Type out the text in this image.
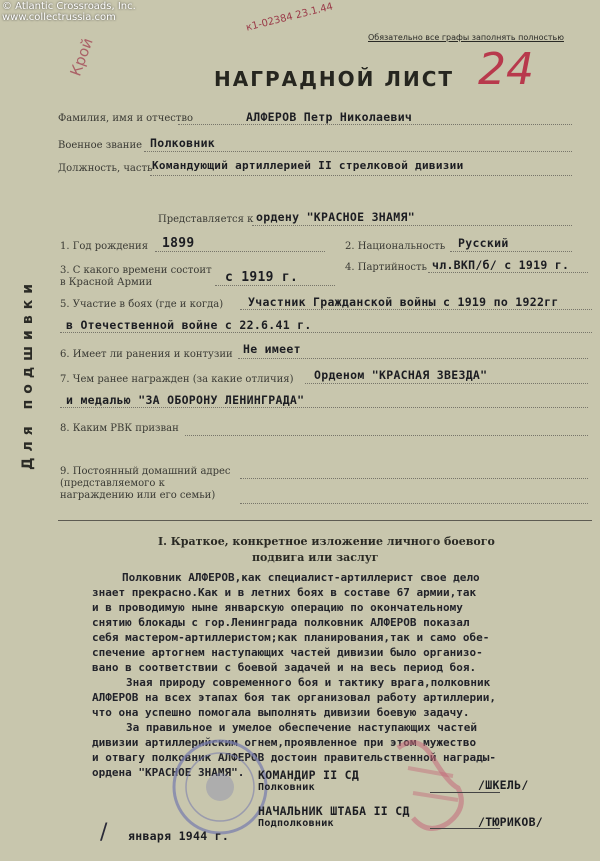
© Atlantic Crossroads, Inc.
www.collectrussia.com	к1-02384 23.1.44
Обязательно все графы заполнять полностью
Крой
НАГРАДНОЙ ЛИСТ 24
Для подшивки
Фамилия, имя и отчество	АЛФЕРОВ Петр Николаевич
Военное звание Полковник
Должность, часть Командующий артиллерией II стрелковой дивизии
Представляется к ордену "КРАСНОЕ ЗНАМЯ"
1. Год рождения 1899	2. Национальность Русский
3. С какого времени состоит в Красной Армии	с 1919 г.
4. Партийность чл.ВКП/б/ с 1919 г.
5. Участие в боях (где и когда) Участник Гражданской войны с 1919 по 1922гг
в Отечественной войне с 22.6.41 г.
6. Имеет ли ранения и контузии Не имеет
7. Чем ранее награжден (за какие отличия) Орденом "КРАСНАЯ ЗВЕЗДА"
и медалью "ЗА ОБОРОНУ ЛЕНИНГРАДА"
8. Каким РВК призван
9. Постоянный домашний адрес (представляемого к награждению или его семьи)
I. Краткое, конкретное изложение личного боевого
подвига или заслуг
Полковник АЛФЕРОВ,как специалист-артиллерист свое дело
знает прекрасно.Как и в летних боях в составе 67 армии,так
и в проводимую ныне январскую операцию по окончательному
снятию блокады с гор.Ленинграда полковник АЛФЕРОВ показал
себя мастером-артиллеристом;как планирования,так и само обе-
спечение артогнем наступающих частей дивизии было организо-
вано в соответствии с боевой задачей и на весь период боя.
Зная природу современного боя и тактику врага,полковник
АЛФЕРОВ на всех этапах боя так организовал работу артиллерии,
что она успешно помогала выполнять дивизии боевую задачу.
За правильное и умелое обеспечение наступающих частей
дивизии артиллерийским огнем,проявленное при этом мужество
и отвагу полковник АЛФЕРОВ достоин правительственной награды-
ордена "КРАСНОЕ ЗНАМЯ". КОМАНДИР II СД
Полковник	/ШКЕЛЬ/
НАЧАЛЬНИК ШТАБА II СД
Подполковник	/ТЮРИКОВ/
января 1944 г.
/
